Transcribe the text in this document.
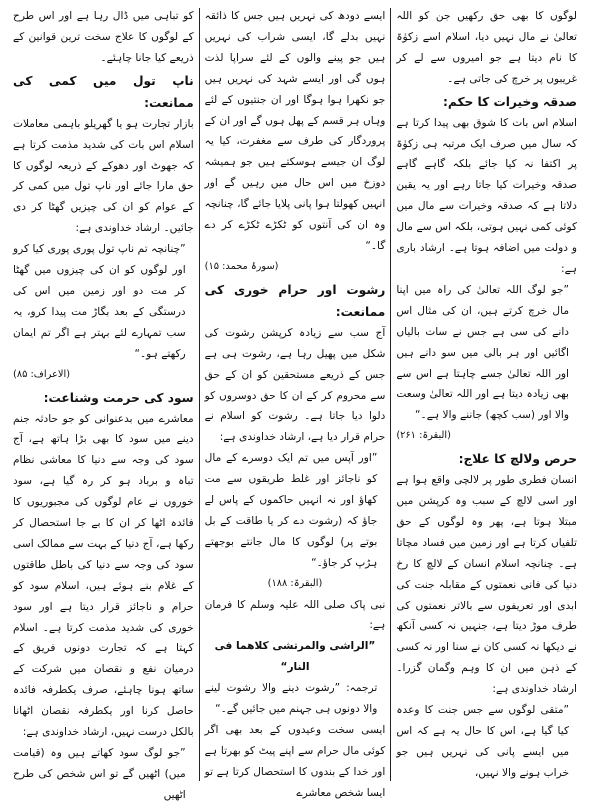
لوگوں کا بھی حق رکھیں جن کو اللہ تعالیٰ نے مال نہیں دیا، اسلام اسے زکوٰۃ کا نام دیتا ہے جو امیروں سے لے کر غریبوں پر خرچ کی جاتی ہے۔

صدقہ وخیرات کا حکم:

اسلام اس بات کا شوق بھی پیدا کرتا ہے کہ سال میں صرف ایک مرتبہ ہی زکوٰۃ پر اکتفا نہ کیا جائے بلکہ گاہے گاہے صدقہ وخیرات کیا جاتا رہے اور یہ یقین دلاتا ہے کہ صدقہ وخیرات سے مال میں کوئی کمی نہیں ہوتی، بلکہ اس سے مال و دولت میں اضافہ ہوتا ہے۔ ارشاد باری ہے:

”جو لوگ اللہ تعالیٰ کی راہ میں اپنا مال خرچ کرتے ہیں، ان کی مثال اس دانے کی سی ہے جس نے سات بالیاں اگائیں اور ہر بالی میں سو دانے ہیں اور اللہ تعالیٰ جسے چاہتا ہے اس سے بھی زیادہ دیتا ہے اور اللہ تعالیٰ وسعت والا اور (سب کچھ) جاننے والا ہے۔“

(البقرۃ: ۲۶۱)

حرص ولالچ کا علاج:

انسان فطری طور پر لالچی واقع ہوا ہے اور اسی لالچ کے سبب وہ کرپشن میں مبتلا ہوتا ہے، پھر وہ لوگوں کے حق تلفیاں کرتا ہے اور زمین میں فساد مچاتا ہے۔ چنانچہ اسلام انسان کے لالچ کا رخ دنیا کی فانی نعمتوں کے مقابلہ جنت کی ابدی اور تعریفوں سے بالاتر نعمتوں کی طرف موڑ دیتا ہے، جنہیں نہ کسی آنکھ نے دیکھا نہ کسی کان نے سنا اور نہ کسی کے ذہن میں ان کا وہم وگمان گزرا۔ ارشاد خداوندی ہے:

”متقی لوگوں سے جس جنت کا وعدہ کیا گیا ہے، اس کا حال یہ ہے کہ اس میں ایسے پانی کی نہریں ہیں جو خراب ہونے والا نہیں،

ایسے دودھ کی نہریں ہیں جس کا ذائقہ نہیں بدلے گا، ایسی شراب کی نہریں ہیں جو پینے والوں کے لئے سراپا لذت ہوں گی اور ایسے شہد کی نہریں ہیں جو نکھرا ہوا ہوگا اور ان جنتیوں کے لئے وہاں ہر قسم کے پھل ہوں گے اور ان کے پروردگار کی طرف سے مغفرت، کیا یہ لوگ ان جیسے ہوسکتے ہیں جو ہمیشہ دوزخ میں اس حال میں رہیں گے اور انہیں کھولتا ہوا پانی پلایا جائے گا، چنانچہ وہ ان کی آنتوں کو ٹکڑے ٹکڑے کر دے گا۔“

(سورۂ محمد: ۱۵)

رشوت اور حرام خوری کی ممانعت:

آج سب سے زیادہ کرپشن رشوت کی شکل میں پھیل رہا ہے، رشوت ہی ہے جس کے ذریعے مستحقین کو ان کے حق سے محروم کر کے ان کا حق دوسروں کو دلوا دیا جاتا ہے۔ رشوت کو اسلام نے حرام قرار دیا ہے، ارشاد خداوندی ہے:

”اور آپس میں تم ایک دوسرے کے مال کو ناجائز اور غلط طریقوں سے مت کھاؤ اور نہ انہیں حاکموں کے پاس لے جاؤ کہ (رشوت دے کر یا طاقت کے بل بوتے پر) لوگوں کا مال جانتے بوجھتے ہڑپ کر جاؤ۔“

(البقرۃ: ۱۸۸)

نبی پاک صلی اللہ علیہ وسلم کا فرمان ہے:

”الراشی والمرتشی کلاھما فی النار“

ترجمہ: ”رشوت دینے والا رشوت لینے والا دونوں ہی جہنم میں جائیں گے۔“

ایسی سخت وعیدوں کے بعد بھی اگر کوئی مال حرام سے اپنے پیٹ کو بھرتا ہے اور خدا کے بندوں کا استحصال کرتا ہے تو ایسا شخص معاشرے

کو تباہی میں ڈال رہا ہے اور اس طرح کے لوگوں کا علاج سخت ترین قوانین کے ذریعے کیا جانا چاہئے۔

ناپ تول میں کمی کی ممانعت:

بازار تجارت ہو یا گھریلو باہمی معاملات اسلام اس بات کی شدید مذمت کرتا ہے کہ جھوٹ اور دھوکے کے ذریعہ لوگوں کا حق مارا جائے اور ناپ تول میں کمی کر کے عوام کو ان کی چیزیں گھٹا کر دی جائیں۔ ارشاد خداوندی ہے:

”چنانچہ تم ناپ تول پوری پوری کیا کرو اور لوگوں کو ان کی چیزوں میں گھٹا کر مت دو اور زمین میں اس کی درستگی کے بعد بگاڑ مت پیدا کرو، یہ سب تمہارے لئے بہتر ہے اگر تم ایمان رکھتے ہو۔“

(الاعراف: ۸۵)

سود کی حرمت وشناعت:

معاشرے میں بدعنوانی کو جو حادثہ جنم دینے میں سود کا بھی بڑا ہاتھ ہے، آج سود کی وجہ سے دنیا کا معاشی نظام تباہ و برباد ہو کر رہ گیا ہے، سود خوروں نے عام لوگوں کی مجبوریوں کا فائدہ اٹھا کر ان کا بے جا استحصال کر رکھا ہے، آج دنیا کے بہت سے ممالک اسی سود کی وجہ سے دنیا کی باطل طاقتوں کے غلام بنے ہوئے ہیں، اسلام سود کو حرام و ناجائز قرار دیتا ہے اور سود خوری کی شدید مذمت کرتا ہے۔ اسلام کہتا ہے کہ تجارت دونوں فریق کے درمیان نفع و نقصان میں شرکت کے ساتھ ہونا چاہئے، صرف یکطرفہ فائدہ حاصل کرنا اور یکطرفہ نقصان اٹھانا بالکل درست نہیں، ارشاد خداوندی ہے:

”جو لوگ سود کھاتے ہیں وہ (قیامت میں) اٹھیں گے تو اس شخص کی طرح اٹھیں
